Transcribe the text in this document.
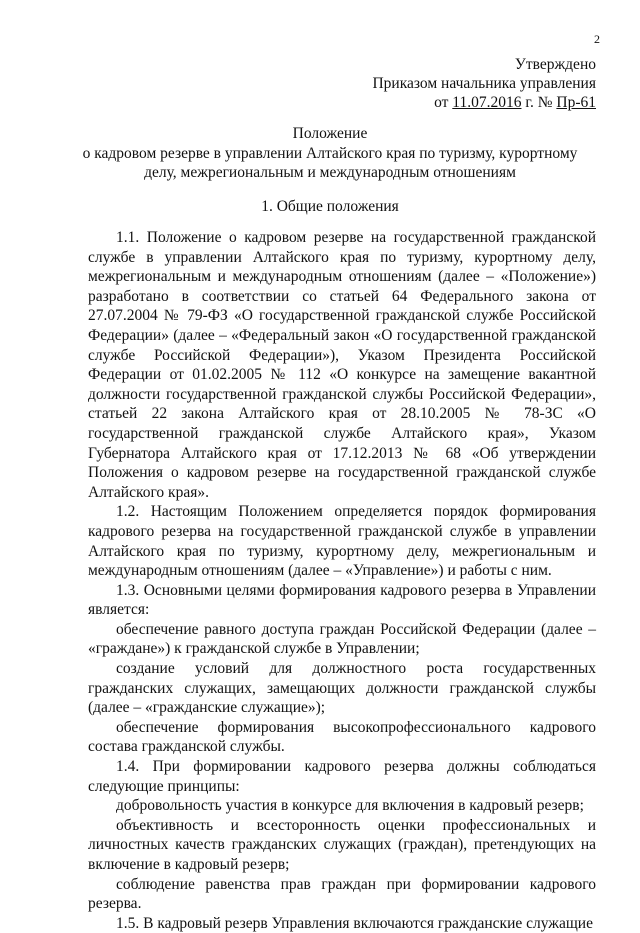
2
Утверждено
Приказом начальника управления
от 11.07.2016 г. № Пр-61
Положение
о кадровом резерве в управлении Алтайского края по туризму, курортному
делу, межрегиональным и международным отношениям
1. Общие положения

1.1. Положение о кадровом резерве на государственной гражданской службе в управлении Алтайского края по туризму, курортному делу, межрегиональным и международным отношениям (далее – «Положение») разработано в соответствии со статьей 64 Федерального закона от 27.07.2004 № 79-ФЗ «О государственной гражданской службе Российской Федерации» (далее – «Федеральный закон «О государственной гражданской службе Российской Федерации»), Указом Президента Российской Федерации от 01.02.2005 № 112 «О конкурсе на замещение вакантной должности государственной гражданской службы Российской Федерации», статьей 22 закона Алтайского края от 28.10.2005 № 78-ЗС «О государственной гражданской службе Алтайского края», Указом Губернатора Алтайского края от 17.12.2013 № 68 «Об утверждении Положения о кадровом резерве на государственной гражданской службе Алтайского края».

1.2. Настоящим Положением определяется порядок формирования кадрового резерва на государственной гражданской службе в управлении Алтайского края по туризму, курортному делу, межрегиональным и международным отношениям (далее – «Управление») и работы с ним.

1.3. Основными целями формирования кадрового резерва в Управлении является:

обеспечение равного доступа граждан Российской Федерации (далее – «граждане») к гражданской службе в Управлении;

создание условий для должностного роста государственных гражданских служащих, замещающих должности гражданской службы (далее – «гражданские служащие»);

обеспечение формирования высокопрофессионального кадрового состава гражданской службы.

1.4. При формировании кадрового резерва должны соблюдаться следующие принципы:

добровольность участия в конкурсе для включения в кадровый резерв;

объективность и всесторонность оценки профессиональных и личностных качеств гражданских служащих (граждан), претендующих на включение в кадровый резерв;

соблюдение равенства прав граждан при формировании кадрового резерва.

1.5. В кадровый резерв Управления включаются гражданские служащие
